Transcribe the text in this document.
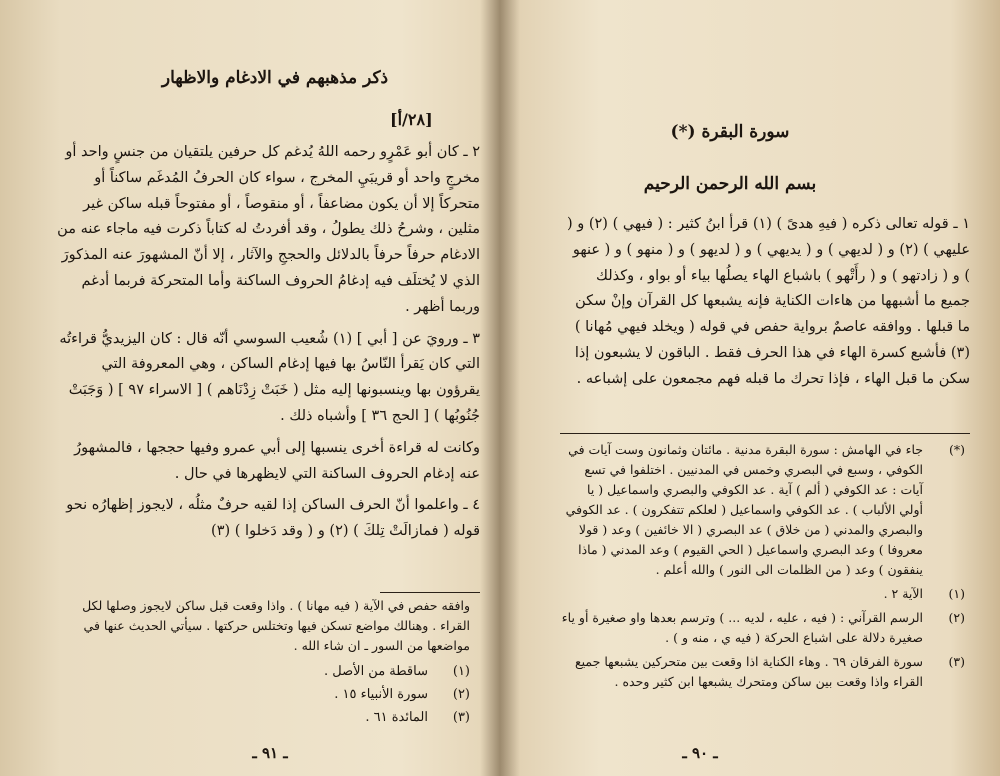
ذكر مذهبهم في الادغام والاظهار
[٢٨/أ]

٢ ـ كان أبو عَمْرٍو رحمه اللهُ يُدغم كل حرفين يلتقيان من جنسٍ واحد أو مخرجٍ واحد أو قريبَيِ المخرج ، سواء كان الحرفُ المُدغَم ساكناً أو متحركاً إلا أن يكون مضاعفاً ، أو منقوصاً ، أو مفتوحاً قبله ساكن غير مثلين ، وشرحُ ذلك يطولُ ، وقد أفردتُ له كتاباً ذكرت فيه ماجاء عنه من الادغام حرفاً حرفاً بالدلائل والحججِ والآثار ، إلا أنّ المشهورَ عنه المذكورَ الذي لا يُختلَف فيه إدغامُ الحروف الساكنة وأما المتحركة فربما أدغم وربما أظهر .

٣ ـ ورويَ عن [ أبي ] (١) شُعيب السوسي أنّه قال : كان اليزيديُّ قراءتُه التي كان يَقرأ النّاسُ بها فيها إدغام الساكن ، وهي المعروفة التي يقرؤون بها وينسبونها إليه مثل ( خَبَتْ زِدْنَاهم ) [ الاسراء ٩٧ ] ( وَجَبَتْ جُنُوبُها ) [ الحج ٣٦ ] وأشباه ذلك .

وكانت له قراءة أخرى ينسبها إلى أبي عمرو وفيها حججها ، فالمشهورُ عنه إدغام الحروف الساكنة التي لايظهرها في حال .

٤ ـ واعلموا أنّ الحرف الساكن إذا لقيه حرفٌ مثلُه ، لايجوز إظهارُه نحو قوله ( فمازالَتْ تِلكَ ) (٢) و ( وقد دَخلوا ) (٣)

وافقه حفص في الآية ( فيه مهانا ) . واذا وقعت قبل ساكن لايجوز وصلها لكل القراء . وهنالك مواضع تسكن فيها وتختلس حركتها . سيأتي الحديث عنها في مواضعها من السور ـ ان شاء الله .
(١)
ساقطة من الأصل .
(٢)
سورة الأنبياء ١٥ .
(٣)
المائدة ٦١ .
ـ ٩١ ـ
سورة البقرة (*)
بسم الله الرحمن الرحيم

١ ـ قوله تعالى ذكره ( فيهِ هدىً ) (١) قرأ ابنُ كثير : ( فيهي ) (٢) و ( عليهي ) (٢) و ( لديهي ) و ( يديهي ) و ( لديهو ) و ( منهو ) و ( عنهو ) و ( زادتهو ) و ( رأَتْهو ) باشباع الهاء يصلُها بياء أو بواو ، وكذلك جميع ما أشبهها من هاءات الكناية فإنه يشبعها كل القرآن وإنْ سكن ما قبلها . ووافقه عاصمٌ برواية حفص في قوله ( ويخلد فيهي مُهانا ) (٣) فأشبع كسرة الهاء في هذا الحرف فقط . الباقون لا يشبعون إذا سكن ما قبل الهاء ، فإذا تحرك ما قبله فهم مجمعون على إشباعه .

(*)
جاء في الهامش : سورة البقرة مدنية . مائتان وثمانون وست آيات في الكوفي ، وسبع في البصري وخمس في المدنيين . اختلفوا في تسع آيات : عد الكوفي ( ألم ) آية . عد الكوفي والبصري واسماعيل ( يا أولي الألباب ) . عد الكوفي واسماعيل ( لعلكم تتفكرون ) . عد الكوفي والبصري والمدني ( من خلاق ) عد البصري ( الا خائفين ) وعد ( قولا معروفا ) وعد البصري واسماعيل ( الحي القيوم ) وعد المدني ( ماذا ينفقون ) وعد ( من الظلمات الى النور ) والله أعلم .
(١)
الآية ٢ .
(٢)
الرسم القرآني : ( فيه ، عليه ، لديه ... ) وترسم بعدها واو صغيرة أو ياء صغيرة دلالة على اشباع الحركة ( فيه ي ، منه و ) .
(٣)
سورة الفرقان ٦٩ . وهاء الكناية اذا وقعت بين متحركين يشبعها جميع القراء واذا وقعت بين ساكن ومتحرك يشبعها ابن كثير وحده .
ـ ٩٠ ـ
